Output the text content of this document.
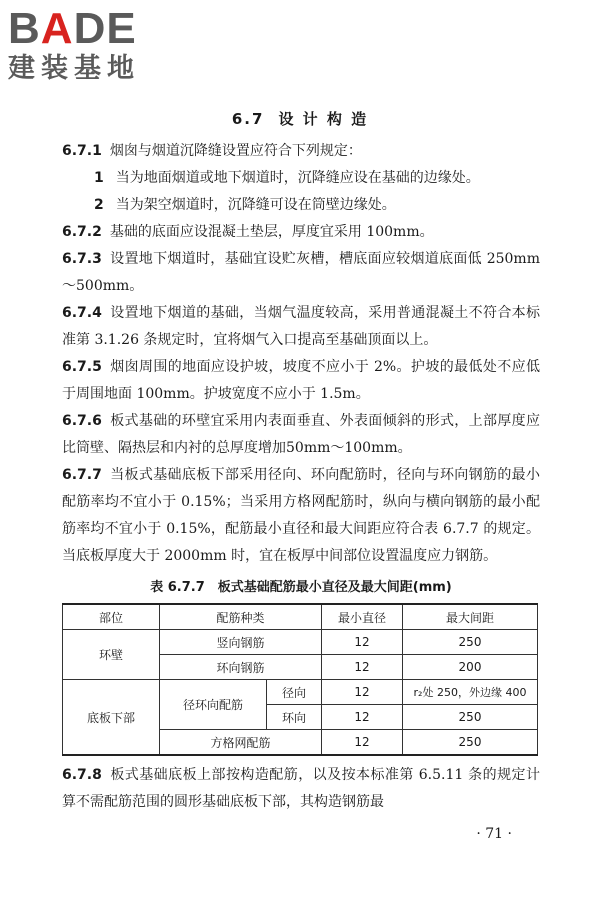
BADE
建装基地
6.7 设 计 构 造

6.7.1 烟囱与烟道沉降缝设置应符合下列规定：

1 当为地面烟道或地下烟道时，沉降缝应设在基础的边缘处。

2 当为架空烟道时，沉降缝可设在筒壁边缘处。

6.7.2 基础的底面应设混凝土垫层，厚度宜采用 100mm。

6.7.3 设置地下烟道时，基础宜设贮灰槽，槽底面应较烟道底面低 250mm～500mm。

6.7.4 设置地下烟道的基础，当烟气温度较高，采用普通混凝土不符合本标准第 3.1.26 条规定时，宜将烟气入口提高至基础顶面以上。

6.7.5 烟囱周围的地面应设护坡，坡度不应小于 2%。护坡的最低处不应低于周围地面 100mm。护坡宽度不应小于 1.5m。

6.7.6 板式基础的环壁宜采用内表面垂直、外表面倾斜的形式，上部厚度应比筒壁、隔热层和内衬的总厚度增加50mm～100mm。

6.7.7 当板式基础底板下部采用径向、环向配筋时，径向与环向钢筋的最小配筋率均不宜小于 0.15%；当采用方格网配筋时，纵向与横向钢筋的最小配筋率均不宜小于 0.15%，配筋最小直径和最大间距应符合表 6.7.7 的规定。当底板厚度大于 2000mm 时，宜在板厚中间部位设置温度应力钢筋。

表 6.7.7　板式基础配筋最小直径及最大间距(mm)
部位	配筋种类		最小直径	最大间距
环壁	竖向钢筋		12	250
	环向钢筋		12	200
底板下部	径环向配筋	径向	12	r₂处 250，外边缘 400
		环向	12	250
	方格网配筋		12	250

6.7.8 板式基础底板上部按构造配筋，以及按本标准第 6.5.11 条的规定计算不需配筋范围的圆形基础底板下部，其构造钢筋最

· 71 ·
